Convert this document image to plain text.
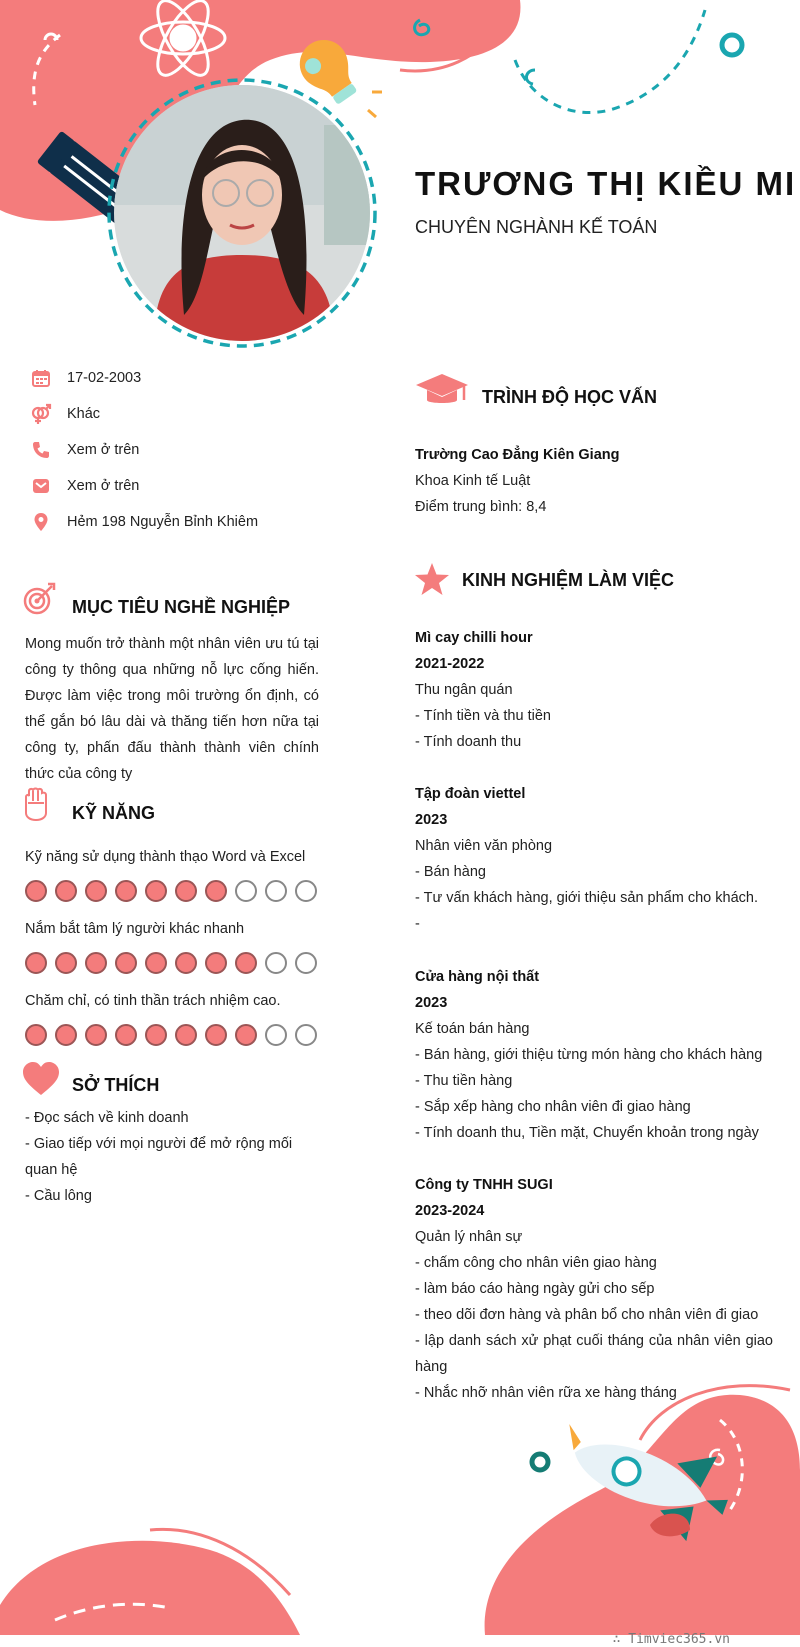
TRƯƠNG THỊ KIỀU MI
CHUYÊN NGHÀNH KẾ TOÁN
17-02-2003
Khác
Xem ở trên
Xem ở trên
Hẻm 198 Nguyễn Bỉnh Khiêm
MỤC TIÊU NGHỀ NGHIỆP
Mong muốn trở thành một nhân viên ưu tú tại công ty thông qua những nỗ lực cống hiến. Được làm việc trong môi trường ổn định, có thể gắn bó lâu dài và thăng tiến hơn nữa tại công ty, phấn đấu thành thành viên chính thức của công ty
KỸ NĂNG
Kỹ năng sử dụng thành thạo Word và Excel
Nắm bắt tâm lý người khác nhanh
Chăm chỉ, có tinh thần trách nhiệm cao.
SỞ THÍCH
- Đọc sách về kinh doanh
- Giao tiếp với mọi người để mở rộng mối quan hệ
- Cầu lông
TRÌNH ĐỘ HỌC VẤN
Trường Cao Đẳng Kiên Giang
Khoa Kinh tế Luật
Điểm trung bình: 8,4
KINH NGHIỆM LÀM VIỆC
Mì cay chilli hour
2021-2022
Thu ngân quán
- Tính tiền và thu tiền
- Tính doanh thu
Tập đoàn viettel
2023
Nhân viên văn phòng
- Bán hàng
- Tư vấn khách hàng, giới thiệu sản phẩm cho khách.
-
Cửa hàng nội thất
2023
Kế toán bán hàng
- Bán hàng, giới thiệu từng món hàng cho khách hàng
- Thu tiền hàng
- Sắp xếp hàng cho nhân viên đi giao hàng
- Tính doanh thu, Tiền mặt, Chuyển khoản trong ngày
Công ty TNHH SUGI
2023-2024
Quản lý nhân sự
- chấm công cho nhân viên giao hàng
- làm báo cáo hàng ngày gửi cho sếp
- theo dõi đơn hàng và phân bổ cho nhân viên đi giao
- lập danh sách xử phạt cuối tháng của nhân viên giao hàng
- Nhắc nhỡ nhân viên rữa xe hàng tháng
∴ Timviec365.vn
